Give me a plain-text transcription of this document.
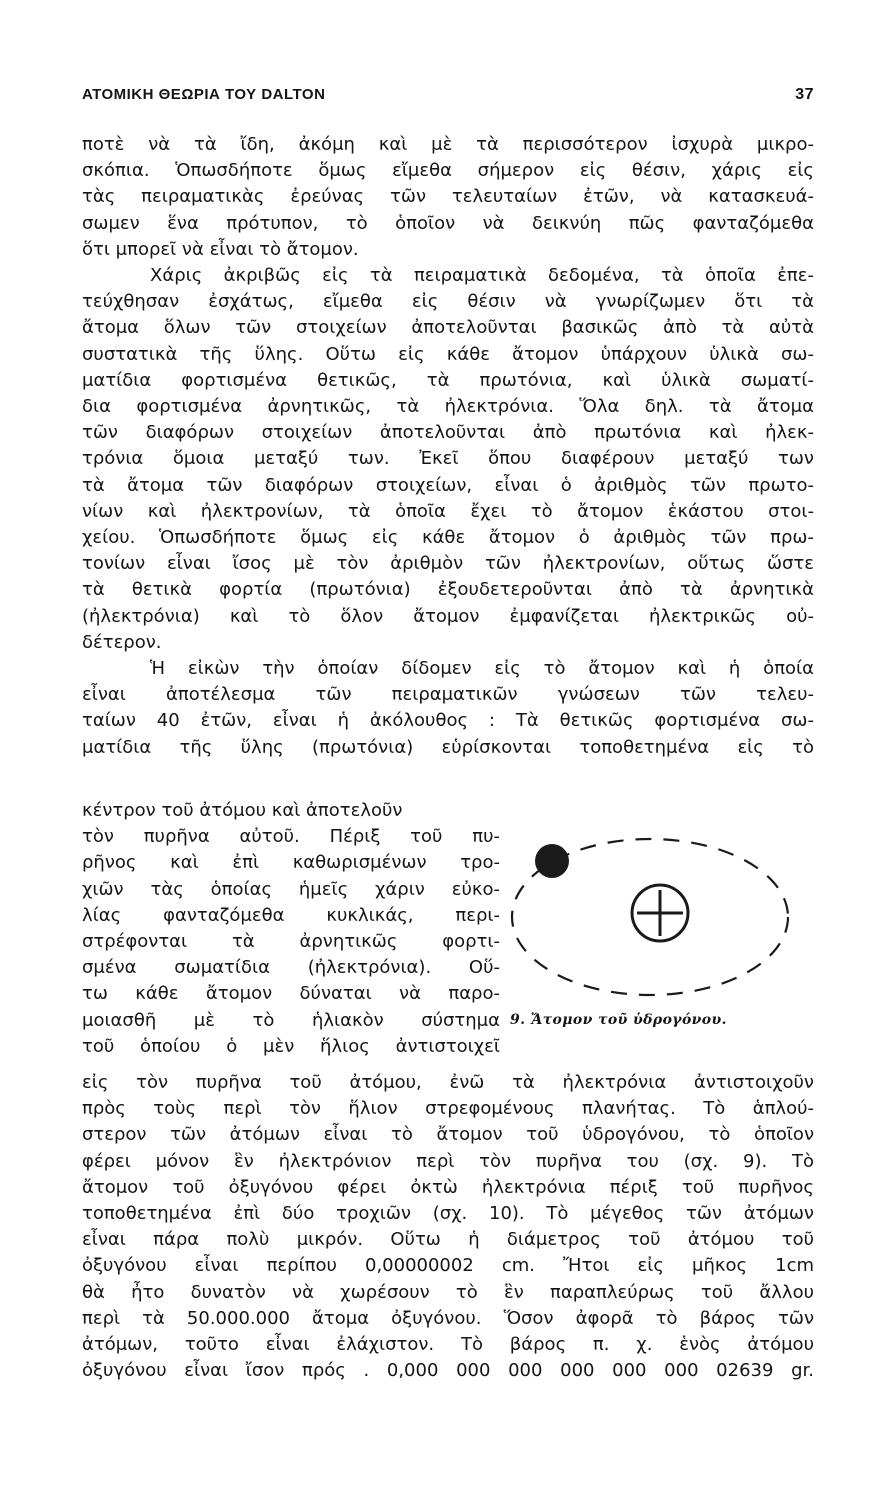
ΑΤΟΜΙΚΗ ΘΕΩΡΙΑ ΤΟΥ DALTON	37
ποτὲ νὰ τὰ ἴδη, ἀκόμη καὶ μὲ τὰ περισσότερον ἰσχυρὰ μικρο-
σκόπια. Ὁπωσδήποτε ὅμως εἴμεθα σήμερον εἰς θέσιν, χάρις εἰς
τὰς πειραματικὰς ἐρεύνας τῶν τελευταίων ἐτῶν, νὰ κατασκευά-
σωμεν ἕνα πρότυπον, τὸ ὁποῖον νὰ δεικνύη πῶς φανταζόμεθα
ὅτι μπορεῖ νὰ εἶναι τὸ ἄτομον.
Χάρις ἀκριβῶς εἰς τὰ πειραματικὰ δεδομένα, τὰ ὁποῖα ἐπε-
τεύχθησαν ἐσχάτως, εἴμεθα εἰς θέσιν νὰ γνωρίζωμεν ὅτι τὰ
ἄτομα ὅλων τῶν στοιχείων ἀποτελοῦνται βασικῶς ἀπὸ τὰ αὐτὰ
συστατικὰ τῆς ὕλης. Οὕτω εἰς κάθε ἄτομον ὑπάρχουν ὑλικὰ σω-
ματίδια φορτισμένα θετικῶς, τὰ πρωτόνια, καὶ ὑλικὰ σωματί-
δια φορτισμένα ἀρνητικῶς, τὰ ἠλεκτρόνια. Ὅλα δηλ. τὰ ἄτομα
τῶν διαφόρων στοιχείων ἀποτελοῦνται ἀπὸ πρωτόνια καὶ ἠλεκ-
τρόνια ὅμοια μεταξύ των. Ἐκεῖ ὅπου διαφέρουν μεταξύ των
τὰ ἄτομα τῶν διαφόρων στοιχείων, εἶναι ὁ ἀριθμὸς τῶν πρωτο-
νίων καὶ ἠλεκτρονίων, τὰ ὁποῖα ἔχει τὸ ἄτομον ἑκάστου στοι-
χείου. Ὁπωσδήποτε ὅμως εἰς κάθε ἄτομον ὁ ἀριθμὸς τῶν πρω-
τονίων εἶναι ἴσος μὲ τὸν ἀριθμὸν τῶν ἠλεκτρονίων, οὕτως ὥστε
τὰ θετικὰ φορτία (πρωτόνια) ἐξουδετεροῦνται ἀπὸ τὰ ἀρνητικὰ
(ἠλεκτρόνια) καὶ τὸ ὅλον ἄτομον ἐμφανίζεται ἠλεκτρικῶς οὐ-
δέτερον.
Ἡ εἰκὼν τὴν ὁποίαν δίδομεν εἰς τὸ ἄτομον καὶ ἡ ὁποία
εἶναι ἀποτέλεσμα τῶν πειραματικῶν γνώσεων τῶν τελευ-
ταίων 40 ἐτῶν, εἶναι ἡ ἀκόλουθος : Τὰ θετικῶς φορτισμένα σω-
ματίδια τῆς ὕλης (πρωτόνια) εὑρίσκονται τοποθετημένα εἰς τὸ
κέντρον τοῦ ἀτόμου καὶ ἀποτελοῦν
τὸν πυρῆνα αὐτοῦ. Πέριξ τοῦ πυ-
ρῆνος καὶ ἐπὶ καθωρισμένων τρο-
χιῶν τὰς ὁποίας ἡμεῖς χάριν εὐκο-
λίας φανταζόμεθα κυκλικάς, περι-
στρέφονται τὰ ἀρνητικῶς φορτι-
σμένα σωματίδια (ἠλεκτρόνια). Οὕ-
τω κάθε ἄτομον δύναται νὰ παρο-
μοιασθῆ μὲ τὸ ἡλιακὸν σύστημα
τοῦ ὁποίου ὁ μὲν ἥλιος ἀντιστοιχεῖ
9. Ἄτομον τοῦ ὑδρογόνου.
εἰς τὸν πυρῆνα τοῦ ἀτόμου, ἐνῶ τὰ ἠλεκτρόνια ἀντιστοιχοῦν
πρὸς τοὺς περὶ τὸν ἥλιον στρεφομένους πλανήτας. Τὸ ἁπλού-
στερον τῶν ἀτόμων εἶναι τὸ ἄτομον τοῦ ὑδρογόνου, τὸ ὁποῖον
φέρει μόνον ἓν ἠλεκτρόνιον περὶ τὸν πυρῆνα του (σχ. 9). Τὸ
ἄτομον τοῦ ὀξυγόνου φέρει ὀκτὼ ἠλεκτρόνια πέριξ τοῦ πυρῆνος
τοποθετημένα ἐπὶ δύο τροχιῶν (σχ. 10). Τὸ μέγεθος τῶν ἀτόμων
εἶναι πάρα πολὺ μικρόν. Οὕτω ἡ διάμετρος τοῦ ἀτόμου τοῦ
ὀξυγόνου εἶναι περίπου 0,00000002 cm. Ἤτοι εἰς μῆκος 1cm
θὰ ἦτο δυνατὸν νὰ χωρέσουν τὸ ἓν παραπλεύρως τοῦ ἄλλου
περὶ τὰ 50.000.000 ἄτομα ὀξυγόνου. Ὅσον ἀφορᾶ τὸ βάρος τῶν
ἀτόμων, τοῦτο εἶναι ἐλάχιστον. Τὸ βάρος π. χ. ἑνὸς ἀτόμου
ὀξυγόνου εἶναι ἴσον πρός . 0,000 000 000 000 000 000 02639 gr.
